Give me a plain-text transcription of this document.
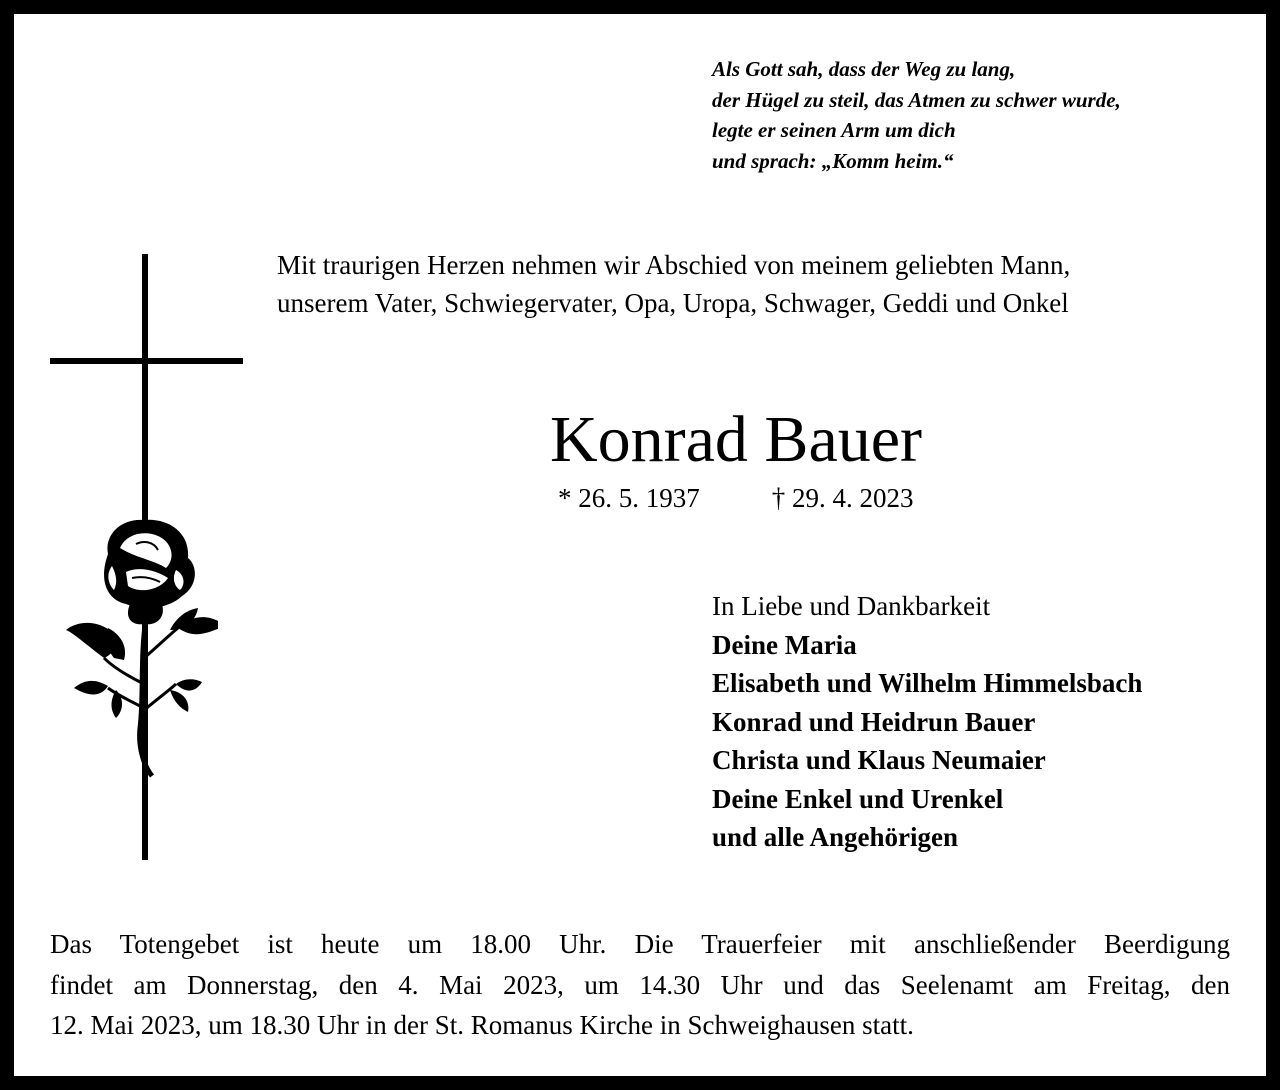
Als Gott sah, dass der Weg zu lang,
der Hügel zu steil, das Atmen zu schwer wurde,
legte er seinen Arm um dich
und sprach: „Komm heim.“
Mit traurigen Herzen nehmen wir Abschied von meinem geliebten Mann,
unserem Vater, Schwiegervater, Opa, Uropa, Schwager, Geddi und Onkel
Konrad Bauer
* 26. 5. 1937	† 29. 4. 2023
In Liebe und Dankbarkeit
Deine Maria
Elisabeth und Wilhelm Himmelsbach
Konrad und Heidrun Bauer
Christa und Klaus Neumaier
Deine Enkel und Urenkel
und alle Angehörigen
Das Totengebet ist heute um 18.00 Uhr. Die Trauerfeier mit anschließender Beerdigung
findet am Donnerstag, den 4. Mai 2023, um 14.30 Uhr und das Seelenamt am Freitag, den
12. Mai 2023, um 18.30 Uhr in der St. Romanus Kirche in Schweighausen statt.
